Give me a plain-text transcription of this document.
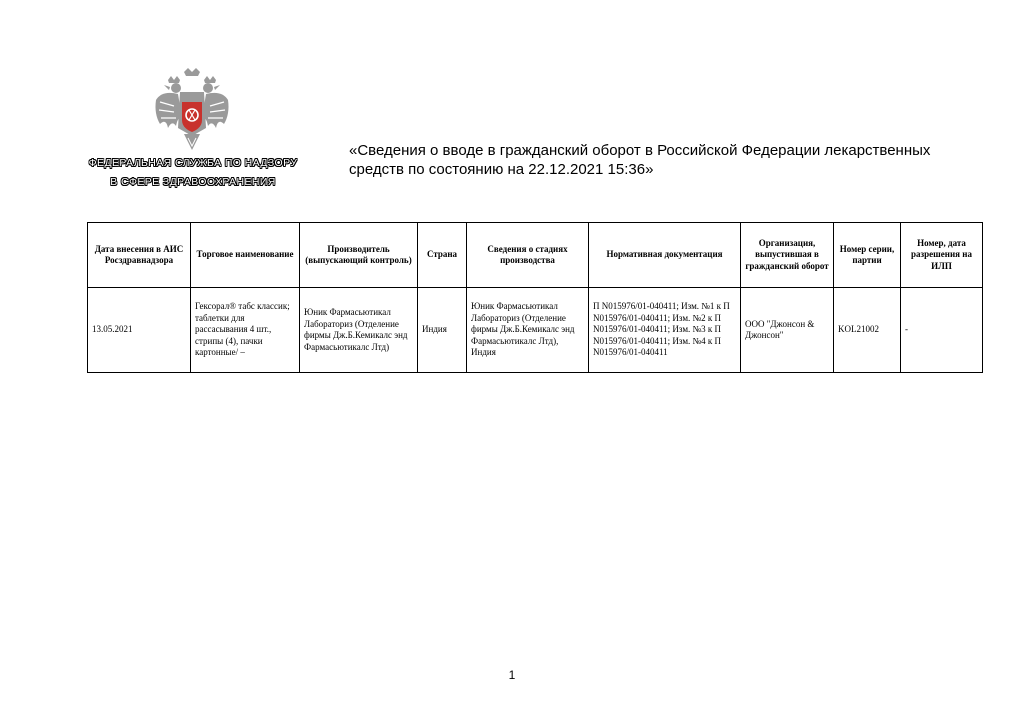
ФЕДЕРАЛЬНАЯ СЛУЖБА ПО НАДЗОРУ
В СФЕРЕ ЗДРАВООХРАНЕНИЯ
«Сведения о вводе в гражданский оборот в Российской Федерации лекарственных средств по состоянию на 22.12.2021 15:36»
Дата внесения в АИС Росздравнадзора	Торговое наименование	Производитель (выпускающий контроль)	Страна	Сведения о стадиях производства	Нормативная документация	Организация, выпустившая в гражданский оборот	Номер серии, партии	Номер, дата разрешения на ИЛП
13.05.2021	Гексорал® табс классик; таблетки для рассасывания 4 шт., стрипы (4), пачки картонные/ –	Юник Фармасьютикал Лабораториз (Отделение фирмы Дж.Б.Кемикалс энд Фармасьютикалс Лтд)	Индия	Юник Фармасьютикал Лабораториз (Отделение фирмы Дж.Б.Кемикалс энд Фармасьютикалс Лтд), Индия	П N015976/01-040411; Изм. №1 к П N015976/01-040411; Изм. №2 к П N015976/01-040411; Изм. №3 к П N015976/01-040411; Изм. №4 к П N015976/01-040411	ООО "Джонсон & Джонсон"	KOL21002	-
1
